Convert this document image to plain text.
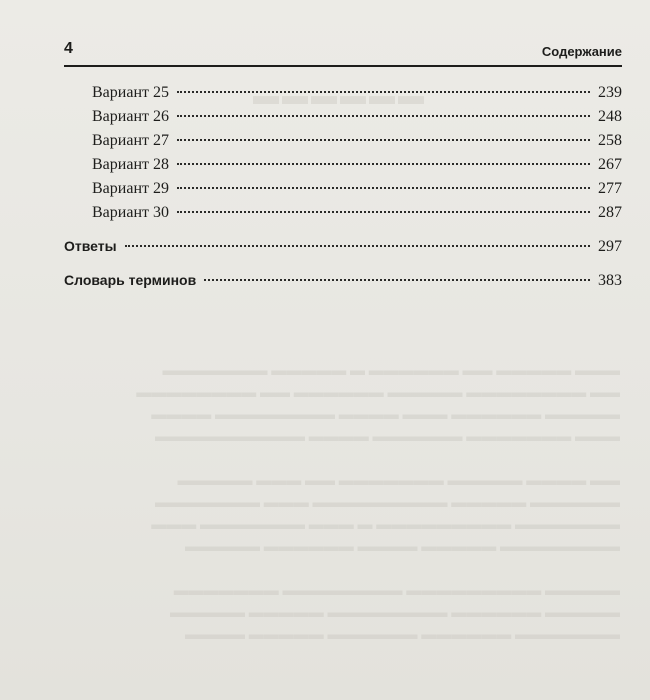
▬▬▬▬▬▬
▬▬▬ ▬▬▬▬▬ ▬▬ ▬▬▬▬▬▬ ▬ ▬▬▬▬▬ ▬▬▬▬▬▬▬
▬▬ ▬▬▬▬▬▬▬▬ ▬▬▬▬▬ ▬▬▬▬▬▬ ▬▬ ▬▬▬▬▬▬▬▬
▬▬▬▬▬ ▬▬▬▬▬▬ ▬▬▬ ▬▬▬▬ ▬▬▬▬▬▬▬▬ ▬▬▬▬
▬▬▬ ▬▬▬▬▬▬▬ ▬▬▬▬▬▬ ▬▬▬▬ ▬▬▬▬▬▬▬▬▬▬

▬▬ ▬▬▬▬ ▬▬▬▬▬ ▬▬▬▬▬▬▬ ▬▬ ▬▬▬ ▬▬▬▬▬
▬▬▬▬▬▬ ▬▬▬▬▬ ▬▬▬▬▬▬▬▬▬ ▬▬▬ ▬▬▬▬▬▬▬
▬▬▬▬▬▬▬ ▬▬▬▬▬▬▬▬▬ ▬ ▬▬▬ ▬▬▬▬▬▬▬ ▬▬▬
▬▬▬▬▬▬▬▬ ▬▬▬▬▬ ▬▬▬▬ ▬▬▬▬▬▬ ▬▬▬▬▬

▬▬▬▬▬ ▬▬▬▬▬▬▬▬▬ ▬▬▬▬▬▬▬▬ ▬▬▬▬▬▬▬
▬▬▬▬▬ ▬▬▬▬▬▬ ▬▬▬▬▬▬▬▬ ▬▬▬▬▬ ▬▬▬▬▬
▬▬▬▬▬▬▬ ▬▬▬▬▬▬ ▬▬▬▬▬▬ ▬▬▬▬▬ ▬▬▬▬
4	Содержание
Вариант 25	239
Вариант 26	248
Вариант 27	258
Вариант 28	267
Вариант 29	277
Вариант 30	287
Ответы	297
Словарь терминов	383
